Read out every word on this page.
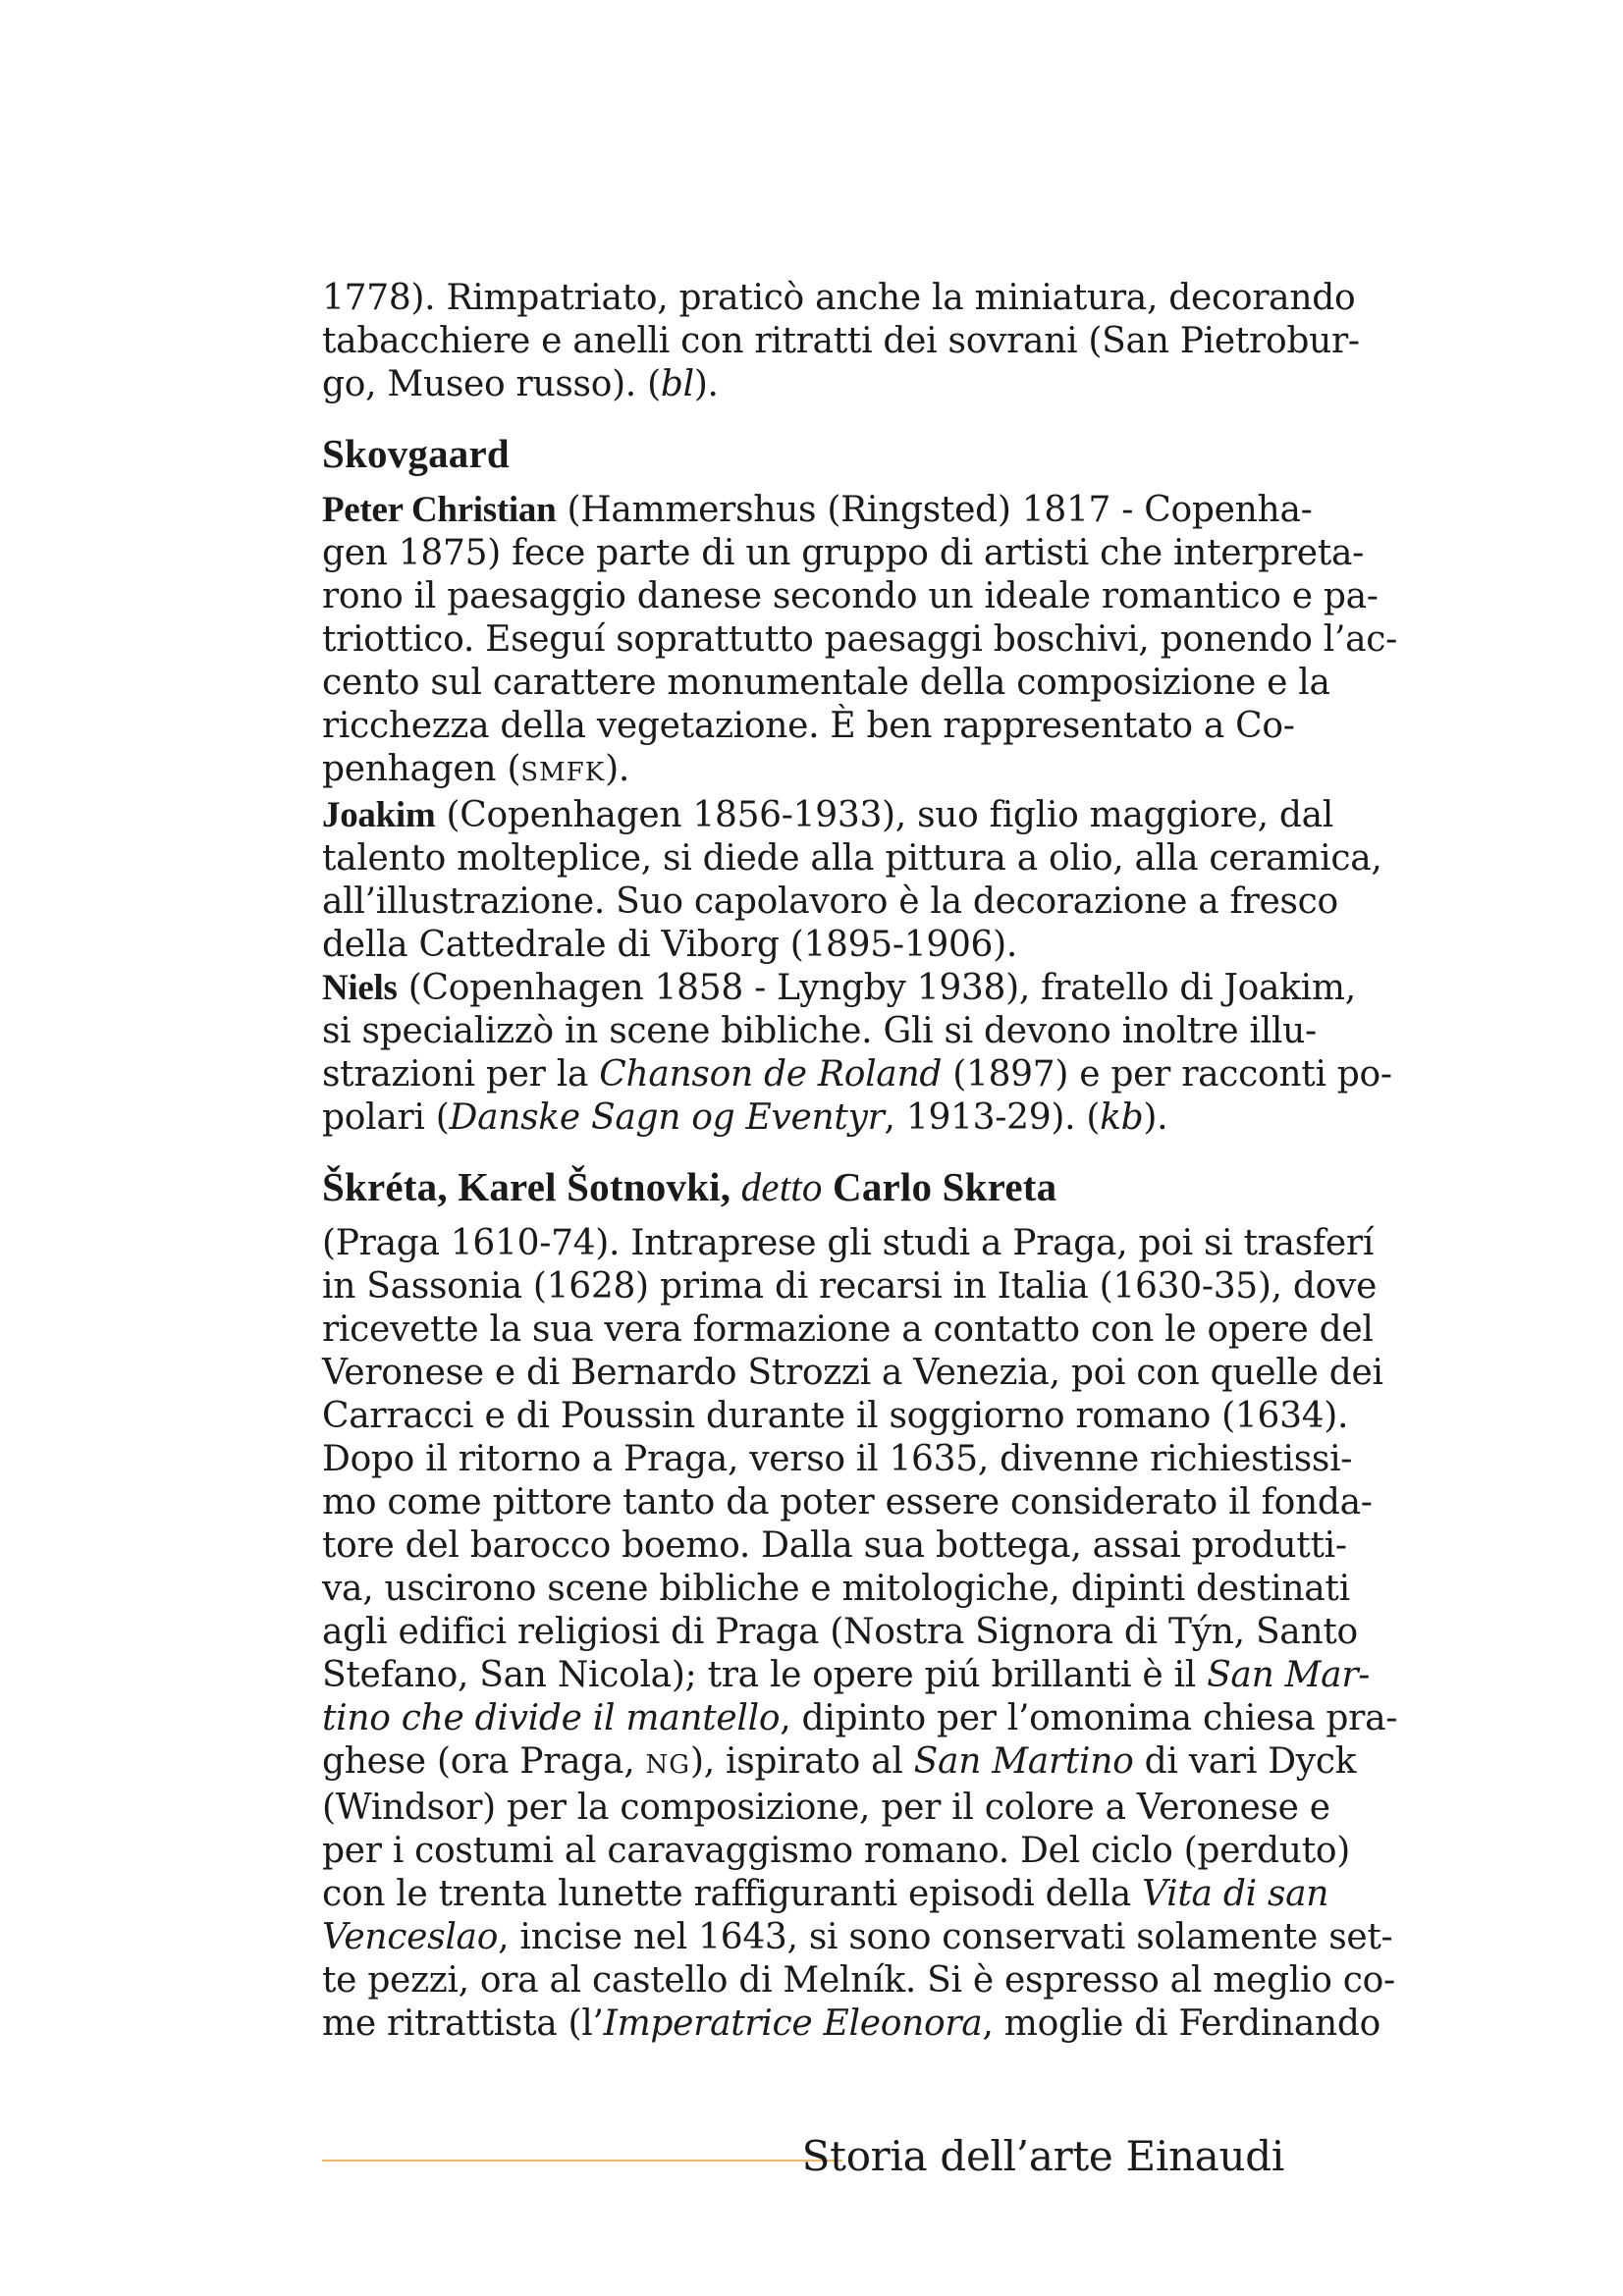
1778). Rimpatriato, praticò anche la miniatura, decorando
tabacchiere e anelli con ritratti dei sovrani (San Pietrobur-
go, Museo russo). (bl).
Skovgaard
Peter Christian (Hammershus (Ringsted) 1817 - Copenha-
gen 1875) fece parte di un gruppo di artisti che interpreta-
rono il paesaggio danese secondo un ideale romantico e pa-
triottico. Eseguí soprattutto paesaggi boschivi, ponendo l’ac-
cento sul carattere monumentale della composizione e la
ricchezza della vegetazione. È ben rappresentato a Co-
penhagen (SMFK).
Joakim (Copenhagen 1856-1933), suo figlio maggiore, dal
talento molteplice, si diede alla pittura a olio, alla ceramica,
all’illustrazione. Suo capolavoro è la decorazione a fresco
della Cattedrale di Viborg (1895-1906).
Niels (Copenhagen 1858 - Lyngby 1938), fratello di Joakim,
si specializzò in scene bibliche. Gli si devono inoltre illu-
strazioni per la Chanson de Roland (1897) e per racconti po-
polari (Danske Sagn og Eventyr, 1913-29). (kb).
Škréta, Karel Šotnovki, detto Carlo Skreta
(Praga 1610-74). Intraprese gli studi a Praga, poi si trasferí
in Sassonia (1628) prima di recarsi in Italia (1630-35), dove
ricevette la sua vera formazione a contatto con le opere del
Veronese e di Bernardo Strozzi a Venezia, poi con quelle dei
Carracci e di Poussin durante il soggiorno romano (1634).
Dopo il ritorno a Praga, verso il 1635, divenne richiestissi-
mo come pittore tanto da poter essere considerato il fonda-
tore del barocco boemo. Dalla sua bottega, assai produtti-
va, uscirono scene bibliche e mitologiche, dipinti destinati
agli edifici religiosi di Praga (Nostra Signora di Týn, Santo
Stefano, San Nicola); tra le opere piú brillanti è il San Mar-
tino che divide il mantello, dipinto per l’omonima chiesa pra-
ghese (ora Praga, NG), ispirato al San Martino di vari Dyck
(Windsor) per la composizione, per il colore a Veronese e
per i costumi al caravaggismo romano. Del ciclo (perduto)
con le trenta lunette raffiguranti episodi della Vita di san
Venceslao, incise nel 1643, si sono conservati solamente set-
te pezzi, ora al castello di Melník. Si è espresso al meglio co-
me ritrattista (l’Imperatrice Eleonora, moglie di Ferdinando
Storia dell’arte Einaudi
